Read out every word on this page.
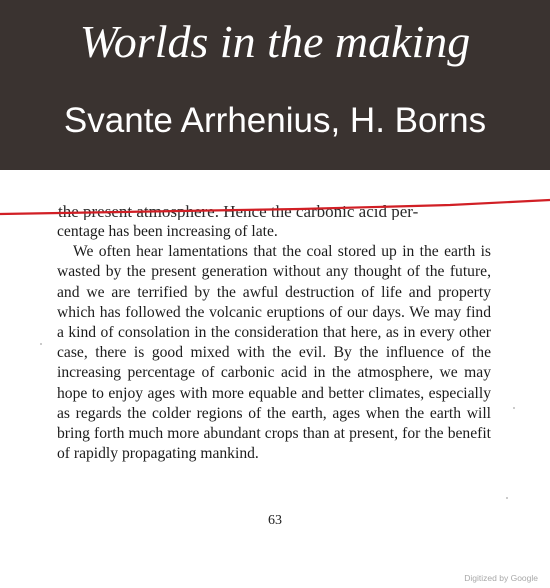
Worlds in the making
Svante Arrhenius, H. Borns
the present atmosphere. Hence the carbonic acid per-

centage has been increasing of late.

We often hear lamentations that the coal stored up in the earth is wasted by the present generation without any thought of the future, and we are terrified by the awful destruction of life and property which has followed the volcanic eruptions of our days. We may find a kind of consolation in the consideration that here, as in every other case, there is good mixed with the evil. By the influence of the increasing percentage of carbonic acid in the atmosphere, we may hope to enjoy ages with more equable and better climates, especially as regards the colder regions of the earth, ages when the earth will bring forth much more abundant crops than at present, for the benefit of rapidly propagating mankind.

63
Digitized by Google
